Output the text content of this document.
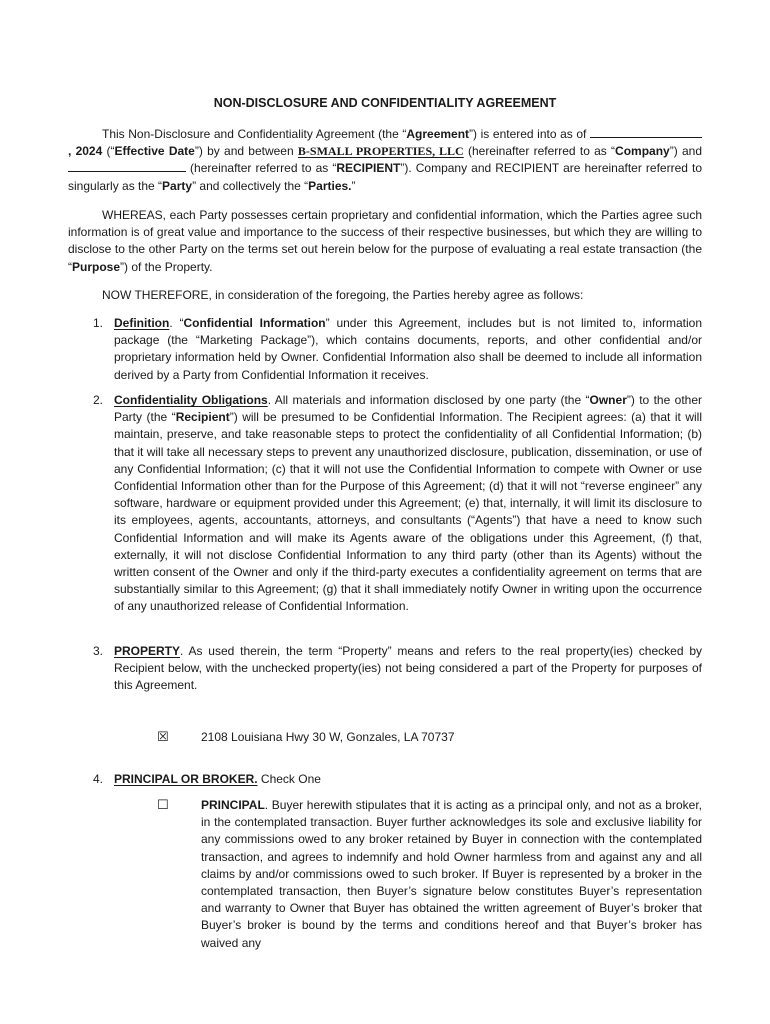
NON-DISCLOSURE AND CONFIDENTIALITY AGREEMENT
This Non-Disclosure and Confidentiality Agreement (the “Agreement”) is entered into as of , 2024 (“Effective Date”) by and between B-SMALL PROPERTIES, LLC (hereinafter referred to as “Company”) and  (hereinafter referred to as “RECIPIENT”). Company and RECIPIENT are hereinafter referred to singularly as the “Party” and collectively the “Parties.”
WHEREAS, each Party possesses certain proprietary and confidential information, which the Parties agree such information is of great value and importance to the success of their respective businesses, but which they are willing to disclose to the other Party on the terms set out herein below for the purpose of evaluating a real estate transaction (the “Purpose”) of the Property.
NOW THEREFORE, in consideration of the foregoing, the Parties hereby agree as follows:
1. Definition. “Confidential Information” under this Agreement, includes but is not limited to, information package (the “Marketing Package”), which contains documents, reports, and other confidential and/or proprietary information held by Owner. Confidential Information also shall be deemed to include all information derived by a Party from Confidential Information it receives.
2. Confidentiality Obligations. All materials and information disclosed by one party (the “Owner”) to the other Party (the “Recipient”) will be presumed to be Confidential Information. The Recipient agrees: (a) that it will maintain, preserve, and take reasonable steps to protect the confidentiality of all Confidential Information; (b) that it will take all necessary steps to prevent any unauthorized disclosure, publication, dissemination, or use of any Confidential Information; (c) that it will not use the Confidential Information to compete with Owner or use Confidential Information other than for the Purpose of this Agreement; (d) that it will not “reverse engineer” any software, hardware or equipment provided under this Agreement; (e) that, internally, it will limit its disclosure to its employees, agents, accountants, attorneys, and consultants (“Agents”) that have a need to know such Confidential Information and will make its Agents aware of the obligations under this Agreement, (f) that, externally, it will not disclose Confidential Information to any third party (other than its Agents) without the written consent of the Owner and only if the third-party executes a confidentiality agreement on terms that are substantially similar to this Agreement; (g) that it shall immediately notify Owner in writing upon the occurrence of any unauthorized release of Confidential Information.
3. PROPERTY. As used therein, the term “Property” means and refers to the real property(ies) checked by Recipient below, with the unchecked property(ies) not being considered a part of the Property for purposes of this Agreement.
☒	2108 Louisiana Hwy 30 W, Gonzales, LA 70737
4. PRINCIPAL OR BROKER. Check One
☐	PRINCIPAL. Buyer herewith stipulates that it is acting as a principal only, and not as a broker, in the contemplated transaction. Buyer further acknowledges its sole and exclusive liability for any commissions owed to any broker retained by Buyer in connection with the contemplated transaction, and agrees to indemnify and hold Owner harmless from and against any and all claims by and/or commissions owed to such broker. If Buyer is represented by a broker in the contemplated transaction, then Buyer’s signature below constitutes Buyer’s representation and warranty to Owner that Buyer has obtained the written agreement of Buyer’s broker that Buyer’s broker is bound by the terms and conditions hereof and that Buyer’s broker has waived any
